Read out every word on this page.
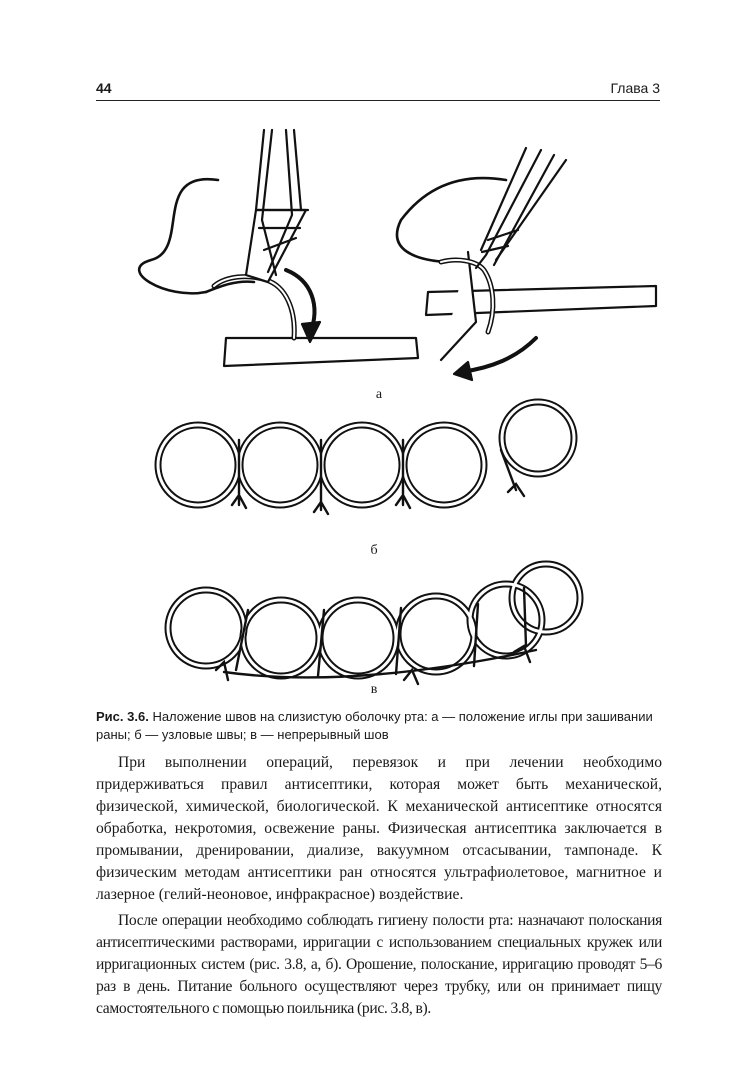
44	Глава 3
а
б
в
Рис. 3.6. Наложение швов на слизистую оболочку рта: а — положение иглы при зашивании раны; б — узловые швы; в — непрерывный шов

При выполнении операций, перевязок и при лечении необходимо придерживаться правил антисептики, которая может быть механической, физической, химической, биологической. К механической антисептике относятся обработка, некротомия, освежение раны. Физическая антисептика заключается в промывании, дренировании, диализе, вакуумном отсасывании, тампонаде. К физическим методам антисептики ран относятся ультрафиолетовое, магнитное и лазерное (гелий-неоновое, инфракрасное) воздействие.

После операции необходимо соблюдать гигиену полости рта: назначают полоскания антисептическими растворами, ирригации с использованием специальных кружек или ирригационных систем (рис. 3.8, а, б). Орошение, полоскание, ирригацию проводят 5–6 раз в день. Питание больного осуществляют через трубку, или он принимает пищу самостоятельного с помощью поильника (рис. 3.8, в).
